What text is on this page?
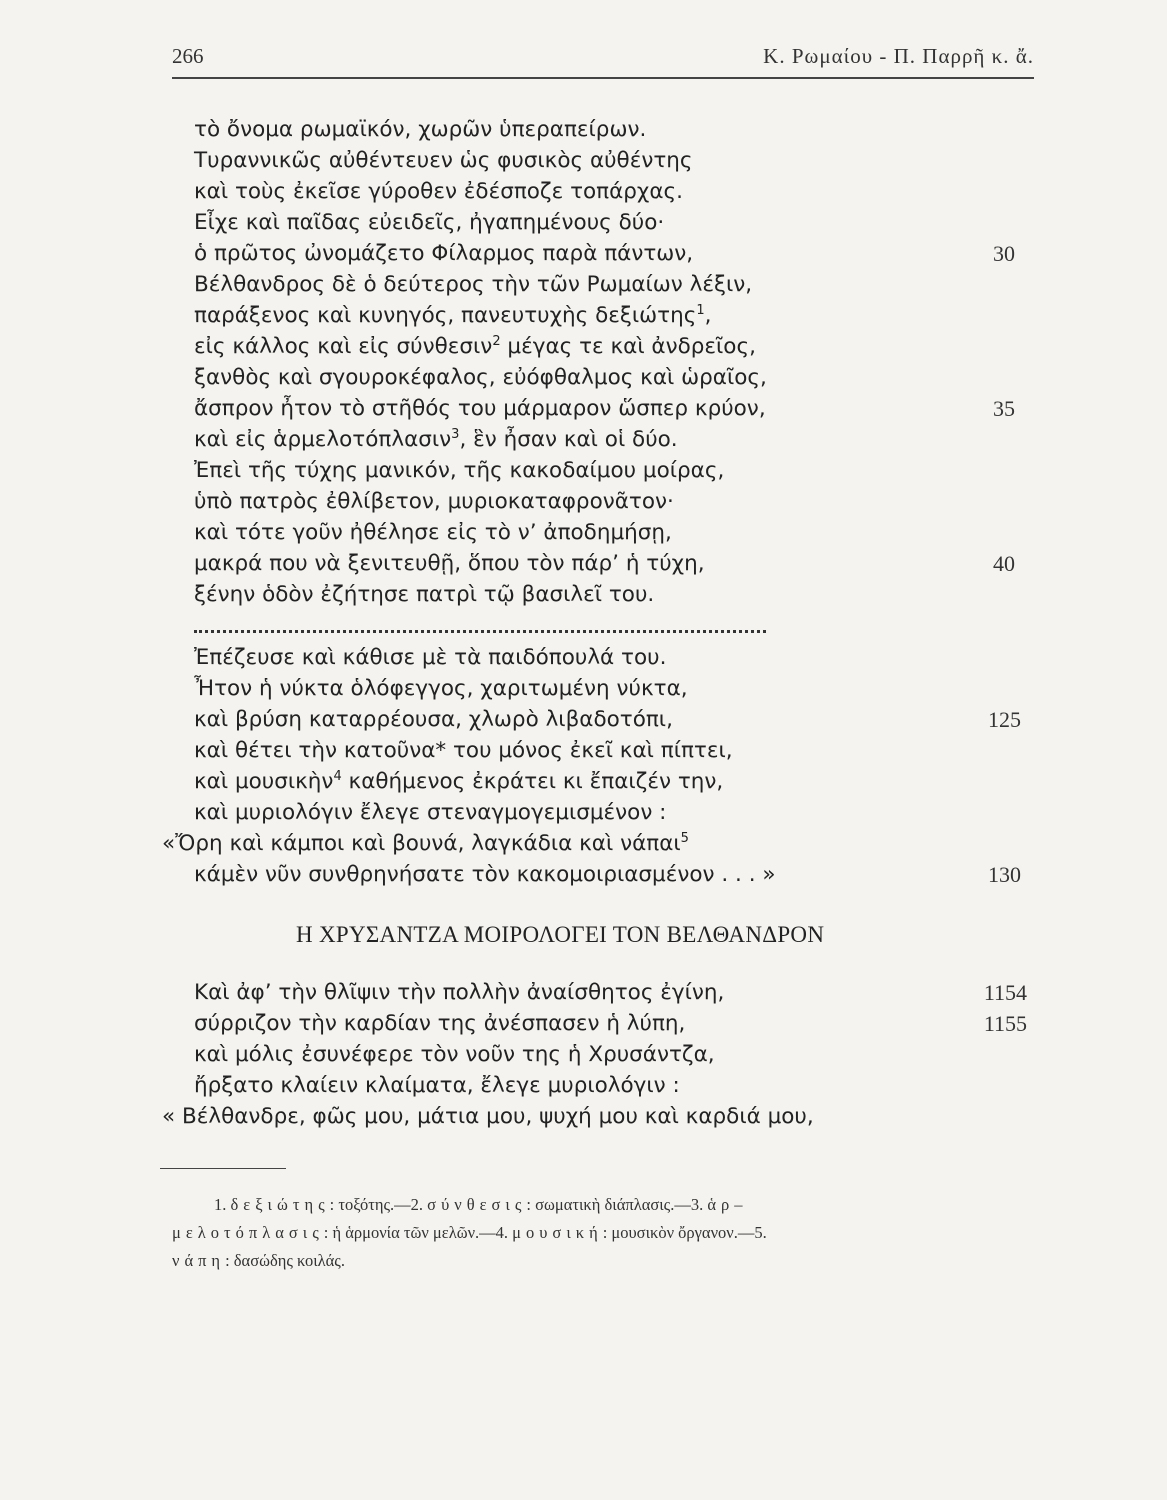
266	Κ. Ρωμαίου - Π. Παρρῆ κ. ἄ.
τὸ ὄνομα ρωμαϊκόν, χωρῶν ὑπεραπείρων.
Τυραννικῶς αὐθέντευεν ὡς φυσικὸς αὐθέντης
καὶ τοὺς ἐκεῖσε γύροθεν ἐδέσποζε τοπάρχας.
Εἶχε καὶ παῖδας εὐειδεῖς, ἠγαπημένους δύο·
ὁ πρῶτος ὠνομάζετο Φίλαρμος παρὰ πάντων,	30
Βέλθανδρος δὲ ὁ δεύτερος τὴν τῶν Ρωμαίων λέξιν,
παράξενος καὶ κυνηγός, πανευτυχὴς δεξιώτης$^1$,
εἰς κάλλος καὶ εἰς σύνθεσιν$^2$ μέγας τε καὶ ἀνδρεῖος,
ξανθὸς καὶ σγουροκέφαλος, εὐόφθαλμος καὶ ὡραῖος,
ἄσπρον ἦτον τὸ στῆθός του μάρμαρον ὥσπερ κρύον,	35
καὶ εἰς ἁρμελοτόπλασιν$^3$, ἓν ἦσαν καὶ οἱ δύο.
Ἐπεὶ τῆς τύχης μανικόν, τῆς κακοδαίμου μοίρας,
ὑπὸ πατρὸς ἐθλίβετον, μυριοκαταφρονᾶτον·
καὶ τότε γοῦν ἠθέλησε εἰς τὸ ν’ ἀποδημήσῃ,
μακρά που νὰ ξενιτευθῇ, ὅπου τὸν πάρ’ ἡ τύχη,	40
ξένην ὁδὸν ἐζήτησε πατρὶ τῷ βασιλεῖ του.
Ἐπέζευσε καὶ κάθισε μὲ τὰ παιδόπουλά του.
Ἦτον ἡ νύκτα ὁλόφεγγος, χαριτωμένη νύκτα,
καὶ βρύση καταρρέουσα, χλωρὸ λιβαδοτόπι,	125
καὶ θέτει τὴν κατοῦνα* του μόνος ἐκεῖ καὶ πίπτει,
καὶ μουσικὴν$^4$ καθήμενος ἐκράτει κι ἔπαιζέν την,
καὶ μυριολόγιν ἔλεγε στεναγμογεμισμένον :
«Ὄρη καὶ κάμποι καὶ βουνά, λαγκάδια καὶ νάπαι$^5$
κάμὲν νῦν συνθρηνήσατε τὸν κακομοιριασμένον . . . »	130
Η ΧΡΥΣΑΝΤΖΑ ΜΟΙΡΟΛΟΓΕΙ ΤΟΝ ΒΕΛΘΑΝΔΡΟΝ
Καὶ ἀφ’ τὴν θλῖψιν τὴν πολλὴν ἀναίσθητος ἐγίνη,	1154
σύρριζον τὴν καρδίαν της ἀνέσπασεν ἡ λύπη,	1155
καὶ μόλις ἐσυνέφερε τὸν νοῦν της ἡ Χρυσάντζα,
ἤρξατο κλαίειν κλαίματα, ἔλεγε μυριολόγιν :
« Βέλθανδρε, φῶς μου, μάτια μου, ψυχή μου καὶ καρδιά μου,
1. δεξιώτης: τοξότης.—2. σύνθεσις: σωματικὴ διάπλασις.—3. ἁρ–
μελοτόπλασις: ἡ ἁρμονία τῶν μελῶν.—4. μουσική: μουσικὸν ὄργανον.—5.
νάπη: δασώδης κοιλάς.
